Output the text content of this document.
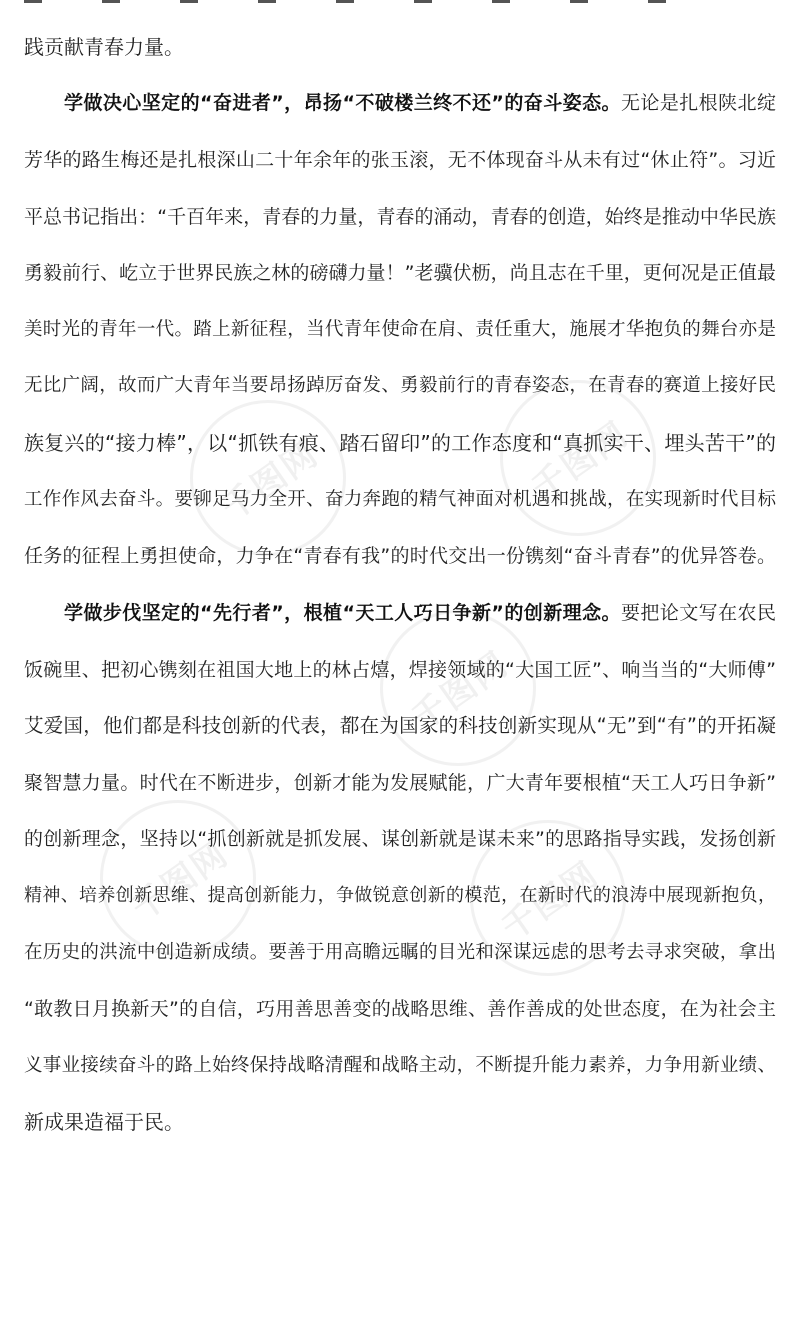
千图网	千图网
千图网
千图网	千图网
践贡献青春力量。
学做决心坚定的“奋进者”，昂扬“不破楼兰终不还”的奋斗姿态。无论是扎根陕北绽
芳华的路生梅还是扎根深山二十年余年的张玉滚，无不体现奋斗从未有过“休止符”。习近
平总书记指出：“千百年来，青春的力量，青春的涌动，青春的创造，始终是推动中华民族
勇毅前行、屹立于世界民族之林的磅礴力量！”老骥伏枥，尚且志在千里，更何况是正值最
美时光的青年一代。踏上新征程，当代青年使命在肩、责任重大，施展才华抱负的舞台亦是
无比广阔，故而广大青年当要昂扬踔厉奋发、勇毅前行的青春姿态，在青春的赛道上接好民
族复兴的“接力棒”，以“抓铁有痕、踏石留印”的工作态度和“真抓实干、埋头苦干”的
工作作风去奋斗。要铆足马力全开、奋力奔跑的精气神面对机遇和挑战，在实现新时代目标
任务的征程上勇担使命，力争在“青春有我”的时代交出一份镌刻“奋斗青春”的优异答卷。
学做步伐坚定的“先行者”，根植“天工人巧日争新”的创新理念。要把论文写在农民
饭碗里、把初心镌刻在祖国大地上的林占熺，焊接领域的“大国工匠”、响当当的“大师傅”
艾爱国，他们都是科技创新的代表，都在为国家的科技创新实现从“无”到“有”的开拓凝
聚智慧力量。时代在不断进步，创新才能为发展赋能，广大青年要根植“天工人巧日争新”
的创新理念，坚持以“抓创新就是抓发展、谋创新就是谋未来”的思路指导实践，发扬创新
精神、培养创新思维、提高创新能力，争做锐意创新的模范，在新时代的浪涛中展现新抱负，
在历史的洪流中创造新成绩。要善于用高瞻远瞩的目光和深谋远虑的思考去寻求突破，拿出
“敢教日月换新天”的自信，巧用善思善变的战略思维、善作善成的处世态度，在为社会主
义事业接续奋斗的路上始终保持战略清醒和战略主动，不断提升能力素养，力争用新业绩、
新成果造福于民。
